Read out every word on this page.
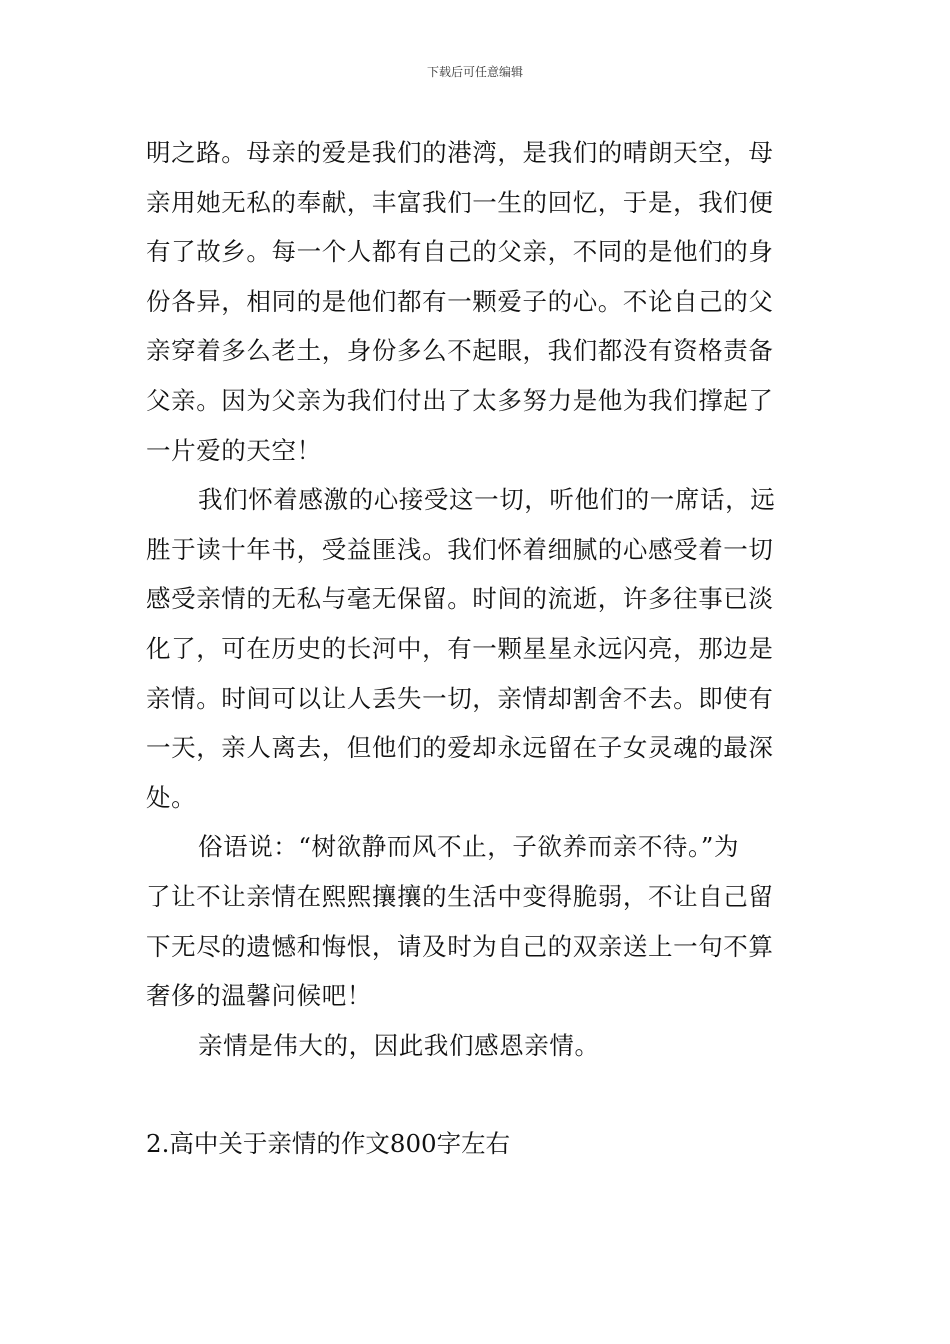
下载后可任意编辑
明之路。母亲的爱是我们的港湾，是我们的晴朗天空，母
亲用她无私的奉献，丰富我们一生的回忆，于是，我们便
有了故乡。每一个人都有自己的父亲，不同的是他们的身
份各异，相同的是他们都有一颗爱子的心。不论自己的父
亲穿着多么老土，身份多么不起眼，我们都没有资格责备
父亲。因为父亲为我们付出了太多努力是他为我们撑起了
一片爱的天空！
我们怀着感激的心接受这一切，听他们的一席话，远
胜于读十年书，受益匪浅。我们怀着细腻的心感受着一切
感受亲情的无私与毫无保留。时间的流逝，许多往事已淡
化了，可在历史的长河中，有一颗星星永远闪亮，那边是
亲情。时间可以让人丢失一切，亲情却割舍不去。即使有
一天，亲人离去，但他们的爱却永远留在子女灵魂的最深
处。
俗语说：“树欲静而风不止，子欲养而亲不待。”为
了让不让亲情在熙熙攘攘的生活中变得脆弱，不让自己留
下无尽的遗憾和悔恨，请及时为自己的双亲送上一句不算
奢侈的温馨问候吧！
亲情是伟大的，因此我们感恩亲情。
2.高中关于亲情的作文800字左右
